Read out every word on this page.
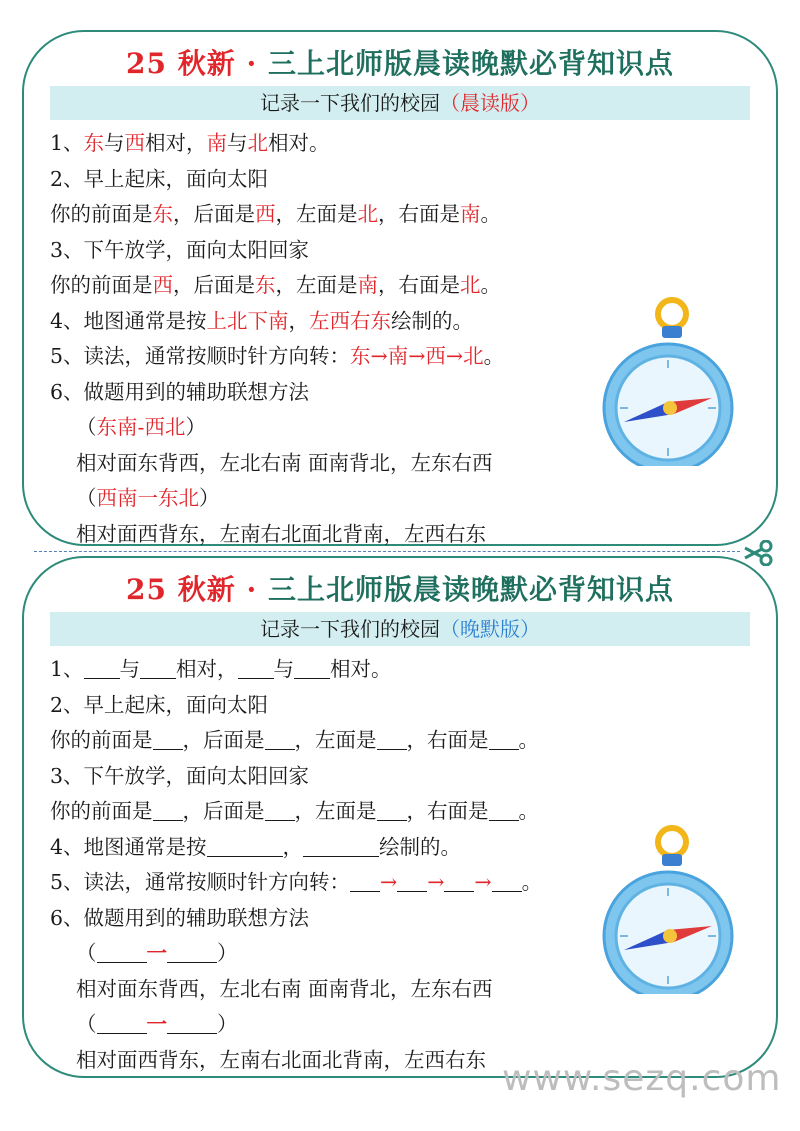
25 秋新 · 三上北师版晨读晚默必背知识点
记录一下我们的校园（晨读版）
1、东与西相对，南与北相对。
2、早上起床，面向太阳
你的前面是东，后面是西，左面是北，右面是南。
3、下午放学，面向太阳回家
你的前面是西，后面是东，左面是南，右面是北。
4、地图通常是按上北下南，左西右东绘制的。
5、读法，通常按顺时针方向转：东→南→西→北。
6、做题用到的辅助联想方法
（东南-西北）
相对面东背西，左北右南 面南背北，左东右西
（西南一东北）
相对面西背东，左南右北面北背南，左西右东
25 秋新 · 三上北师版晨读晚默必背知识点
记录一下我们的校园（晚默版）
1、 与 相对， 与 相对。
2、早上起床，面向太阳
你的前面是 ，后面是 ，左面是 ，右面是 。
3、下午放学，面向太阳回家
你的前面是 ，后面是 ，左面是 ，右面是 。
4、地图通常是按	，	绘制的。
5、读法，通常按顺时针方向转： → → → 。
6、做题用到的辅助联想方法
（ 一 ）
相对面东背西，左北右南 面南背北，左东右西
（ 一 ）
相对面西背东，左南右北面北背南，左西右东 www.sezq.com
